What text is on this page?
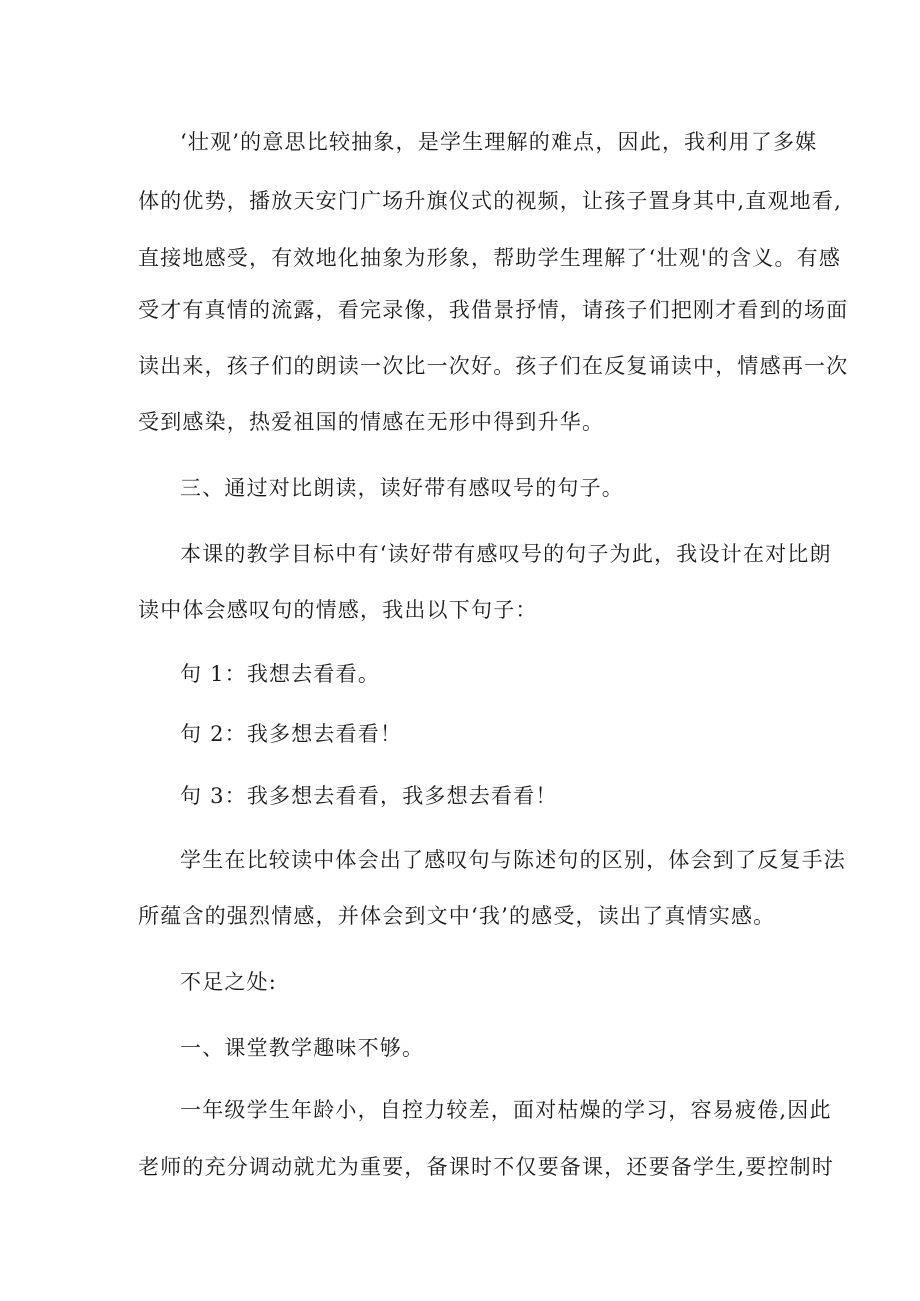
‘壮观’的意思比较抽象，是学生理解的难点，因此，我利用了多媒

体的优势，播放天安门广场升旗仪式的视频，让孩子置身其中,直观地看,

直接地感受，有效地化抽象为形象，帮助学生理解了‘壮观'的含义。有感

受才有真情的流露，看完录像，我借景抒情，请孩子们把刚才看到的场面

读出来，孩子们的朗读一次比一次好。孩子们在反复诵读中，情感再一次

受到感染，热爱祖国的情感在无形中得到升华。

三、通过对比朗读，读好带有感叹号的句子。

本课的教学目标中有‘读好带有感叹号的句子为此，我设计在对比朗

读中体会感叹句的情感，我出以下句子：

句 1：我想去看看。

句 2：我多想去看看！

句 3：我多想去看看，我多想去看看！

学生在比较读中体会出了感叹句与陈述句的区别，体会到了反复手法

所蕴含的强烈情感，并体会到文中‘我’的感受，读出了真情实感。

不足之处:

一、课堂教学趣味不够。

一年级学生年龄小，自控力较差，面对枯燥的学习，容易疲倦,因此

老师的充分调动就尤为重要，备课时不仅要备课，还要备学生,要控制时
